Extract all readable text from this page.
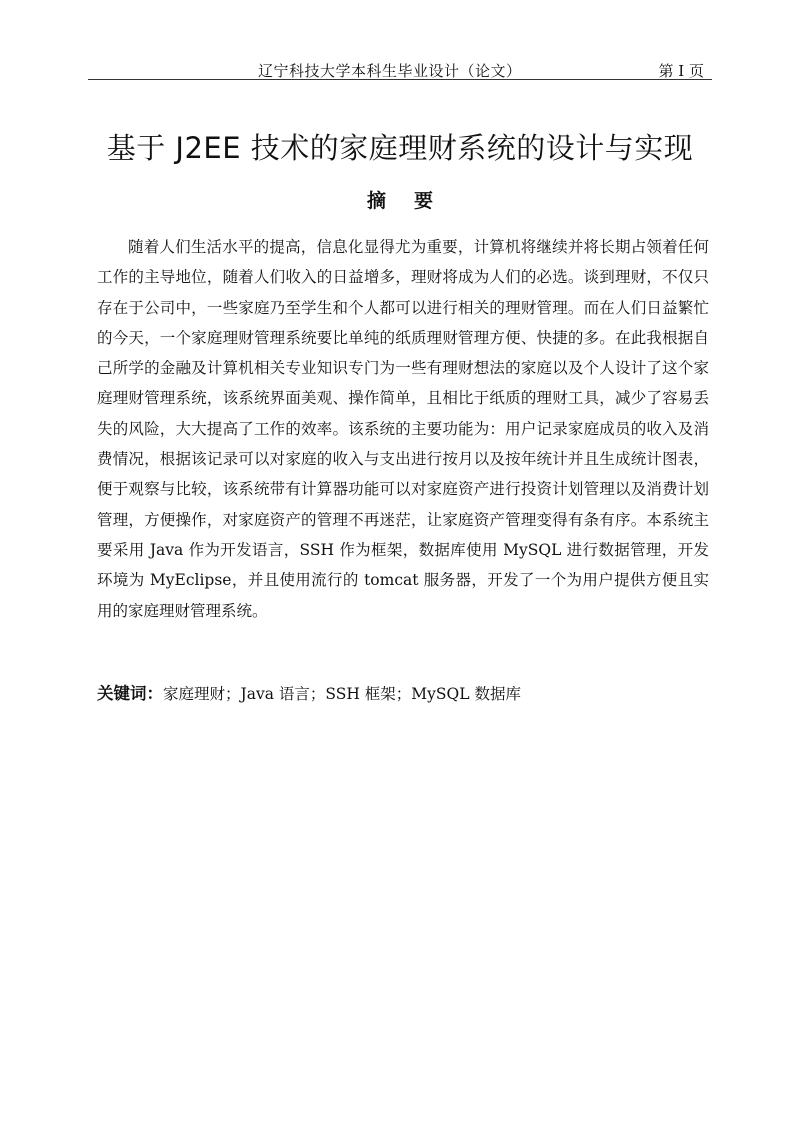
辽宁科技大学本科生毕业设计（论文）	第 I 页
基于 J2EE 技术的家庭理财系统的设计与实现
摘要

随着人们生活水平的提高，信息化显得尤为重要，计算机将继续并将长期占领着任何工作的主导地位，随着人们收入的日益增多，理财将成为人们的必选。谈到理财，不仅只存在于公司中，一些家庭乃至学生和个人都可以进行相关的理财管理。而在人们日益繁忙的今天，一个家庭理财管理系统要比单纯的纸质理财管理方便、快捷的多。在此我根据自己所学的金融及计算机相关专业知识专门为一些有理财想法的家庭以及个人设计了这个家庭理财管理系统，该系统界面美观、操作简单，且相比于纸质的理财工具，减少了容易丢失的风险，大大提高了工作的效率。该系统的主要功能为：用户记录家庭成员的收入及消费情况，根据该记录可以对家庭的收入与支出进行按月以及按年统计并且生成统计图表，便于观察与比较，该系统带有计算器功能可以对家庭资产进行投资计划管理以及消费计划管理，方便操作，对家庭资产的管理不再迷茫，让家庭资产管理变得有条有序。本系统主要采用 Java 作为开发语言，SSH 作为框架，数据库使用 MySQL 进行数据管理，开发环境为 MyEclipse，并且使用流行的 tomcat 服务器，开发了一个为用户提供方便且实用的家庭理财管理系统。

关键词：家庭理财；Java 语言；SSH 框架；MySQL 数据库
